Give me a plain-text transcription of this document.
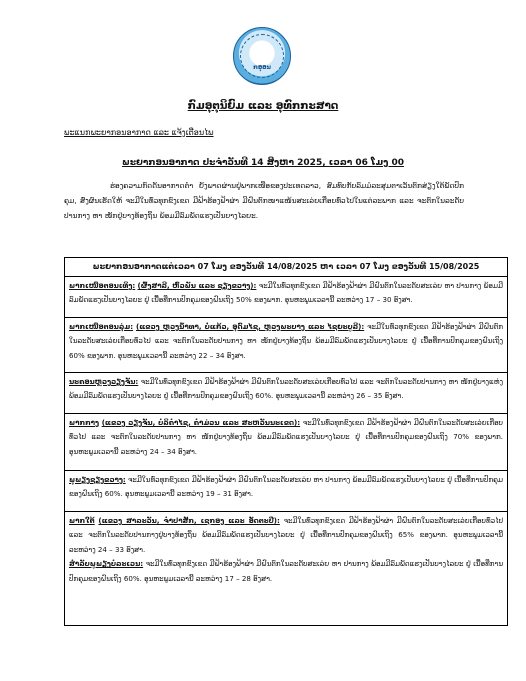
ກອຸອນ
ກົມອຸຕຸນິຍົມ ແລະ ອຸທົກກະສາດ
ພະແນກພະຍາກອນອາກາດ ແລະ ແຈ້ງເຕືອນໄພ
ພະຍາກອນອາກາດ ປະຈຳວັນທີ 14 ສິງຫາ 2025, ເວລາ 06 ໂມງ 00

ຮ່ອງຄວາມກົດດັນອາກາດຕ່ຳ ຍັງພາດຜ່ານຢູ່ພາກເໜືອຂອງປະເທດລາວ, ສົມທົບກັບລົມມໍລະສຸມຕາເວັນຕົກສ່ຽງໃຕ້ພັດປົກຄຸມ, ສົ່ງຜົນເຮັດໃຫ້ ຈະມີໃນທົ່ວທຸກຂົງເຂດ ມີຟ້າຮ້ອງຟ້າຜ່າ ມີຝົນຕົກໜາແໜ້ນສະເລ່ຍເກືອບທົ່ວໄປໃນແຕ່ລະພາກ ແລະ ຈະຕົກໃນລະດັບປານກາງ ຫາ ໜັກຢູ່ບາງທ້ອງຖິ່ນ ພ້ອມມີລົມພັດແຮງເປັນບາງໄລຍະ.

ພະຍາກອນອາກາດແຕ່ເວລາ 07 ໂມງ ຂອງວັນທີ 14/08/2025 ຫາ ເວລາ 07 ໂມງ ຂອງວັນທີ 15/08/2025
ພາກເໜືອຕອນເທິງ: (ຜົ້ງສາລີ, ຫົວພັນ ແລະ ຊຽງຂວາງ): ຈະມີໃນທົ່ວທຸກຂົງເຂດ ມີຟ້າຮ້ອງຟ້າຜ່າ ມີຝົນຕົກໃນລະດັບສະເລ່ຍ ຫາ ປານກາງ ພ້ອມມີລົມພັດແຮງເປັນບາງໄລຍະ ຢູ່ ເນື້ອທີ່ການປົກຄຸມຂອງຝົນເຖິງ 50% ຂອງພາກ. ອຸນຫະພູມເວລານີ້ ລະຫວ່າງ 17 – 30 ອົງສາ.
ພາກເໜືອຕອນລຸ່ມ: (ແຂວງ ຫຼວງນ້ຳທາ, ບໍ່ແກ້ວ, ອຸດົມໄຊ, ຫຼວງພະບາງ ແລະ ໄຊຍະບູລີ): ຈະມີໃນທົ່ວທຸກຂົງເຂດ ມີຟ້າຮ້ອງຟ້າຜ່າ ມີຝົນຕົກໃນລະດັບສະເລ່ຍເກືອບທົ່ວໄປ ແລະ ຈະຕົກໃນລະດັບປານກາງ ຫາ ໜັກຢູ່ບາງທ້ອງຖິ່ນ ພ້ອມມີລົມພັດແຮງເປັນບາງໄລຍະ ຢູ່ ເນື້ອທີ່ການປົກຄຸມຂອງຝົນເຖິງ 60% ຂອງພາກ. ອຸນຫະພູມເວລານີ້ ລະຫວ່າງ 22 – 34 ອົງສາ.
ນະຄອນຫຼວງວຽງຈັນ: ຈະມີໃນທົ່ວທຸກຂົງເຂດ ມີຟ້າຮ້ອງຟ້າຜ່າ ມີຝົນຕົກໃນລະດັບສະເລ່ຍເກືອບທົ່ວໄປ ແລະ ຈະຕົກໃນລະດັບປານກາງ ຫາ ໜັກຢູ່ບາງແຫ່ງ ພ້ອມມີລົມພັດແຮງເປັນບາງໄລຍະ ຢູ່ ເນື້ອທີ່ການປົກຄຸມຂອງຝົນເຖິງ 60%. ອຸນຫະພູມເວລານີ້ ລະຫວ່າງ 26 – 35 ອົງສາ.
ພາກກາງ (ແຂວງ ວຽງຈັນ, ບໍລິຄຳໄຊ, ຄຳມ່ວນ ແລະ ສະຫວັນນະເຂດ): ຈະມີໃນທົ່ວທຸກຂົງເຂດ ມີຟ້າຮ້ອງຟ້າຜ່າ ມີຝົນຕົກໃນລະດັບສະເລ່ຍເກືອບທົ່ວໄປ ແລະ ຈະຕົກໃນລະດັບປານກາງ ຫາ ໜັກຢູ່ບາງທ້ອງຖິ່ນ ພ້ອມມີລົມພັດແຮງເປັນບາງໄລຍະ ຢູ່ ເນື້ອທີ່ການປົກຄຸມຂອງຝົນເຖິງ 70% ຂອງພາກ. ອຸນຫະພູມເວລານີ້ ລະຫວ່າງ 24 – 34 ອົງສາ.
ພູພຽງຊຽງຂວາງ: ຈະມີໃນທົ່ວທຸກຂົງເຂດ ມີຟ້າຮ້ອງຟ້າຜ່າ ມີຝົນຕົກໃນລະດັບສະເລ່ຍ ຫາ ປານກາງ ພ້ອມມີລົມພັດແຮງເປັນບາງໄລຍະ ຢູ່ ເນື້ອທີ່ການປົກຄຸມຂອງຝົນເຖິງ 60%. ອຸນຫະພູມເວລານີ້ ລະຫວ່າງ 19 – 31 ອົງສາ.
ພາກໃຕ້ (ແຂວງ ສາລະວັນ, ຈຳປາສັກ, ເຊກອງ ແລະ ອັດຕະປື): ຈະມີໃນທົ່ວທຸກຂົງເຂດ ມີຟ້າຮ້ອງຟ້າຜ່າ ມີຝົນຕົກໃນລະດັບສະເລ່ຍເກືອບທົ່ວໄປ ແລະ ຈະຕົກໃນລະດັບປານກາງຢູ່ບາງທ້ອງຖິ່ນ ພ້ອມມີລົມພັດແຮງເປັນບາງໄລຍະ ຢູ່ ເນື້ອທີ່ການປົກຄຸມຂອງຝົນເຖິງ 65% ຂອງພາກ. ອຸນຫະພູມເວລານີ້ ລະຫວ່າງ 24 – 33 ອົງສາ.
ສຳລັບພູພຽງບໍລະເວນ: ຈະມີໃນທົ່ວທຸກຂົງເຂດ ມີຟ້າຮ້ອງຟ້າຜ່າ ມີຝົນຕົກໃນລະດັບສະເລ່ຍ ຫາ ປານກາງ ພ້ອມມີລົມພັດແຮງເປັນບາງໄລຍະ ຢູ່ ເນື້ອທີ່ການປົກຄຸມຂອງຝົນເຖິງ 60%. ອຸນຫະພູມເວລານີ້ ລະຫວ່າງ 17 – 28 ອົງສາ.
